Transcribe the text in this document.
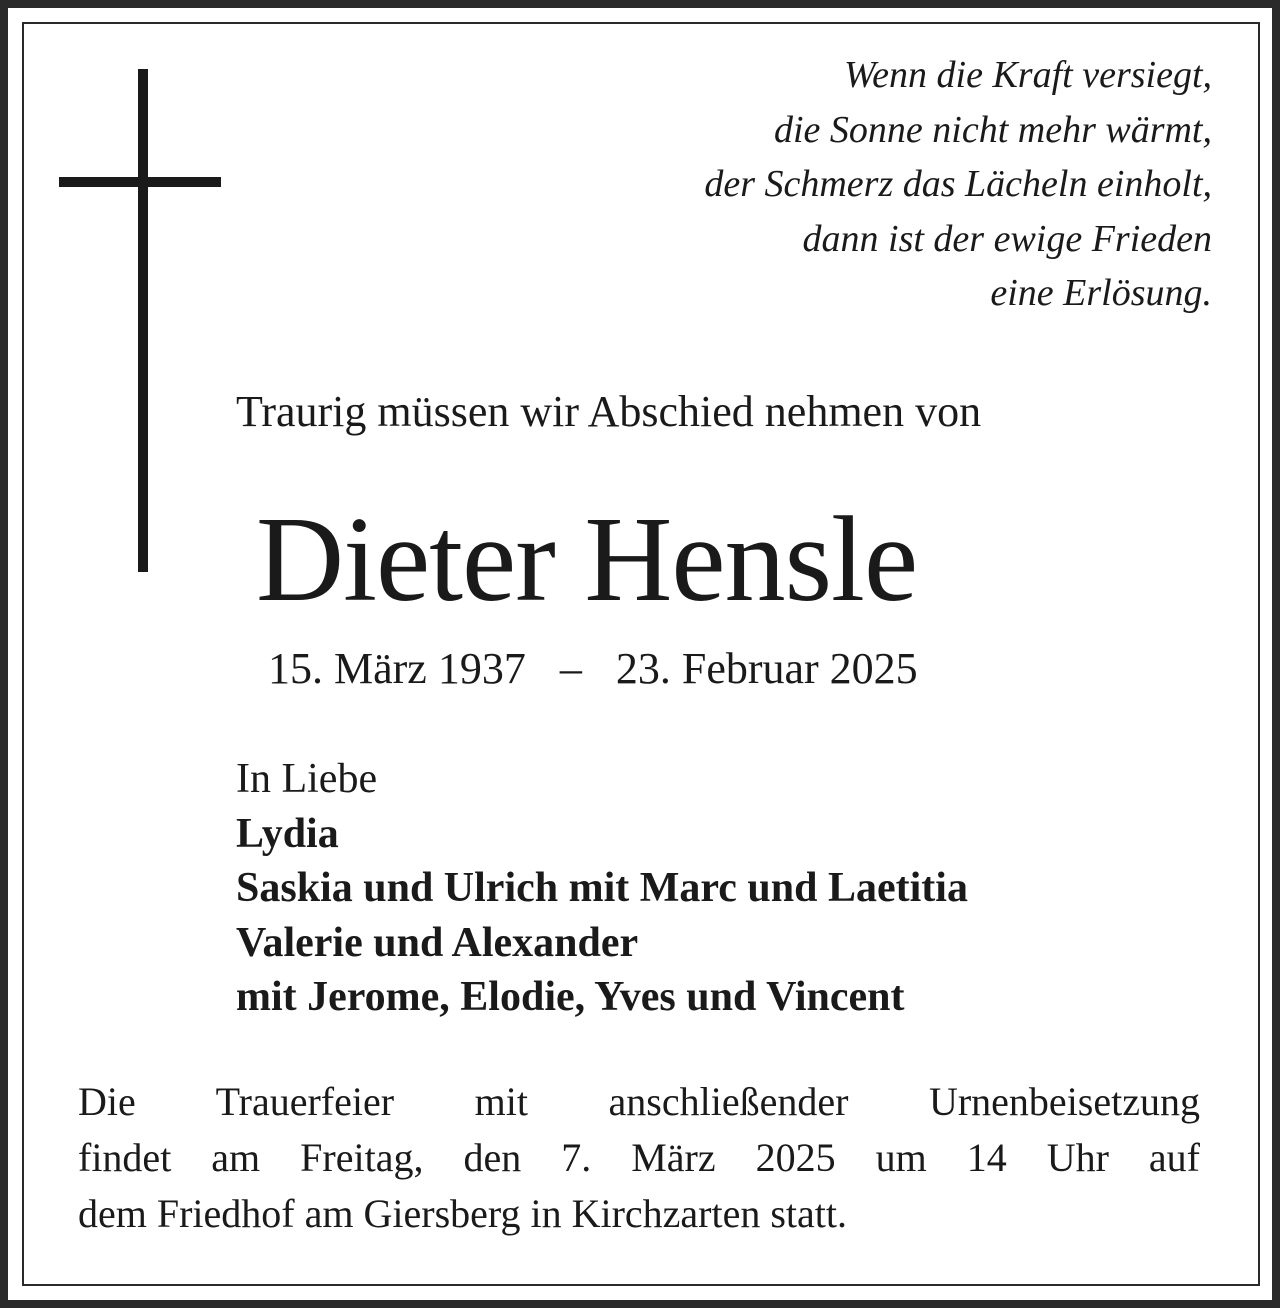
Wenn die Kraft versiegt,
die Sonne nicht mehr wärmt,
der Schmerz das Lächeln einholt,
dann ist der ewige Frieden
eine Erlösung.
Traurig müssen wir Abschied nehmen von
Dieter Hensle
15. März 1937 – 23. Februar 2025
In Liebe
Lydia
Saskia und Ulrich mit Marc und Laetitia
Valerie und Alexander
mit Jerome, Elodie, Yves und Vincent
Die Trauerfeier mit anschließender Urnenbeisetzung
findet am Freitag, den 7. März 2025 um 14 Uhr auf
dem Friedhof am Giersberg in Kirchzarten statt.
